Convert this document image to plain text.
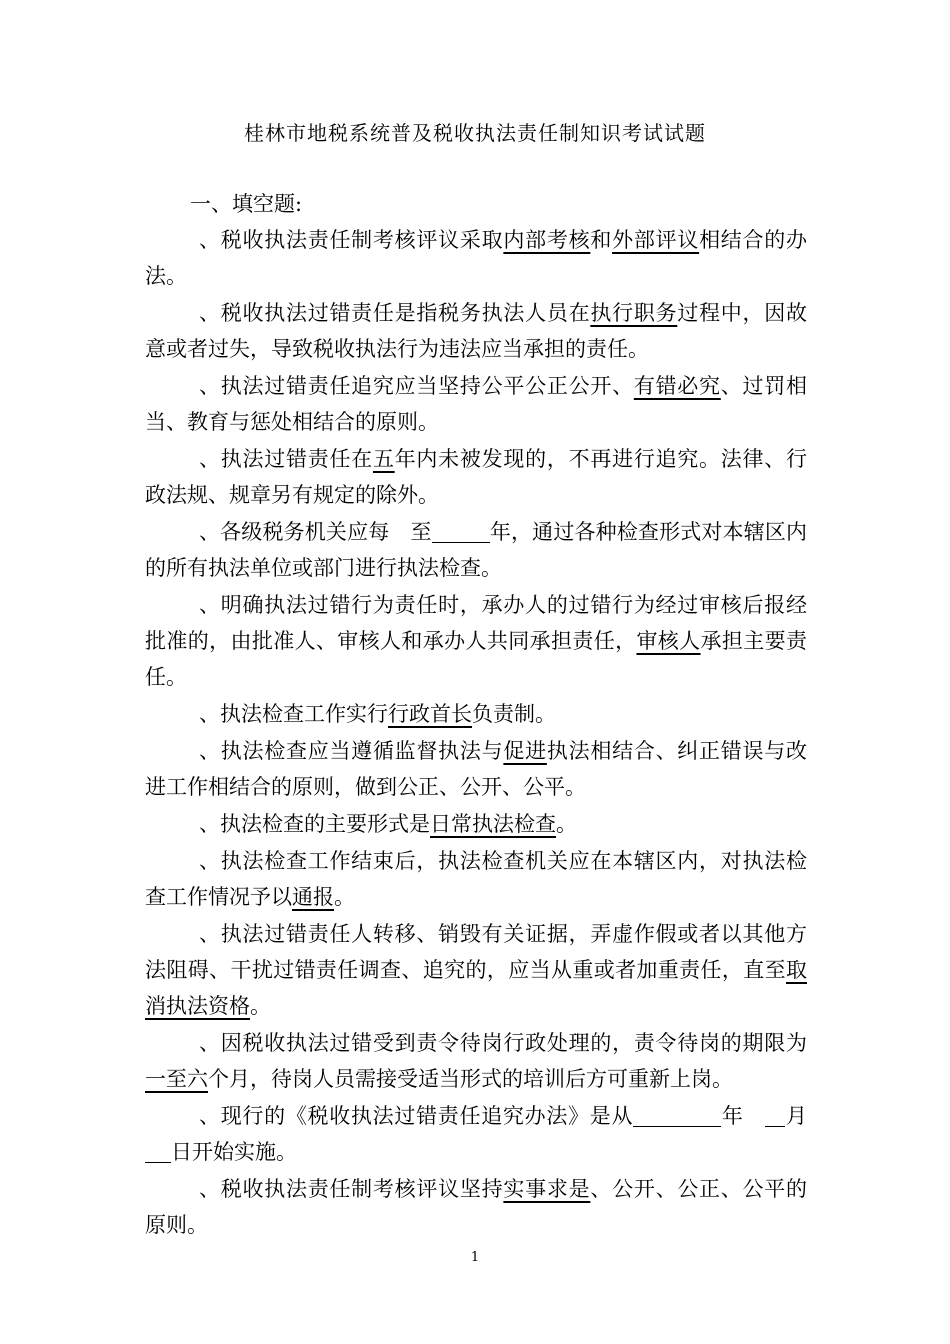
桂林市地税系统普及税收执法责任制知识考试试题
一、填空题:

、税收执法责任制考核评议采取内部考核和外部评议相结合的办法。

、税收执法过错责任是指税务执法人员在执行职务过程中，因故意或者过失，导致税收执法行为违法应当承担的责任。

、执法过错责任追究应当坚持公平公正公开、有错必究、过罚相当、教育与惩处相结合的原则。

、执法过错责任在五年内未被发现的，不再进行追究。法律、行政法规、规章另有规定的除外。

、各级税务机关应每　至	年，通过各种检查形式对本辖区内的所有执法单位或部门进行执法检查。

、明确执法过错行为责任时，承办人的过错行为经过审核后报经批准的，由批准人、审核人和承办人共同承担责任，审核人承担主要责任。

、执法检查工作实行行政首长负责制。

、执法检查应当遵循监督执法与促进执法相结合、纠正错误与改进工作相结合的原则，做到公正、公开、公平。

、执法检查的主要形式是日常执法检查。

、执法检查工作结束后，执法检查机关应在本辖区内，对执法检查工作情况予以通报。

、执法过错责任人转移、销毁有关证据，弄虚作假或者以其他方法阻碍、干扰过错责任调查、追究的，应当从重或者加重责任，直至取消执法资格。

、因税收执法过错受到责令待岗行政处理的，责令待岗的期限为一至六个月，待岗人员需接受适当形式的培训后方可重新上岗。

、现行的《税收执法过错责任追究办法》是从	年　 月　日开始实施。

、税收执法责任制考核评议坚持实事求是、公开、公正、公平的原则。

1
